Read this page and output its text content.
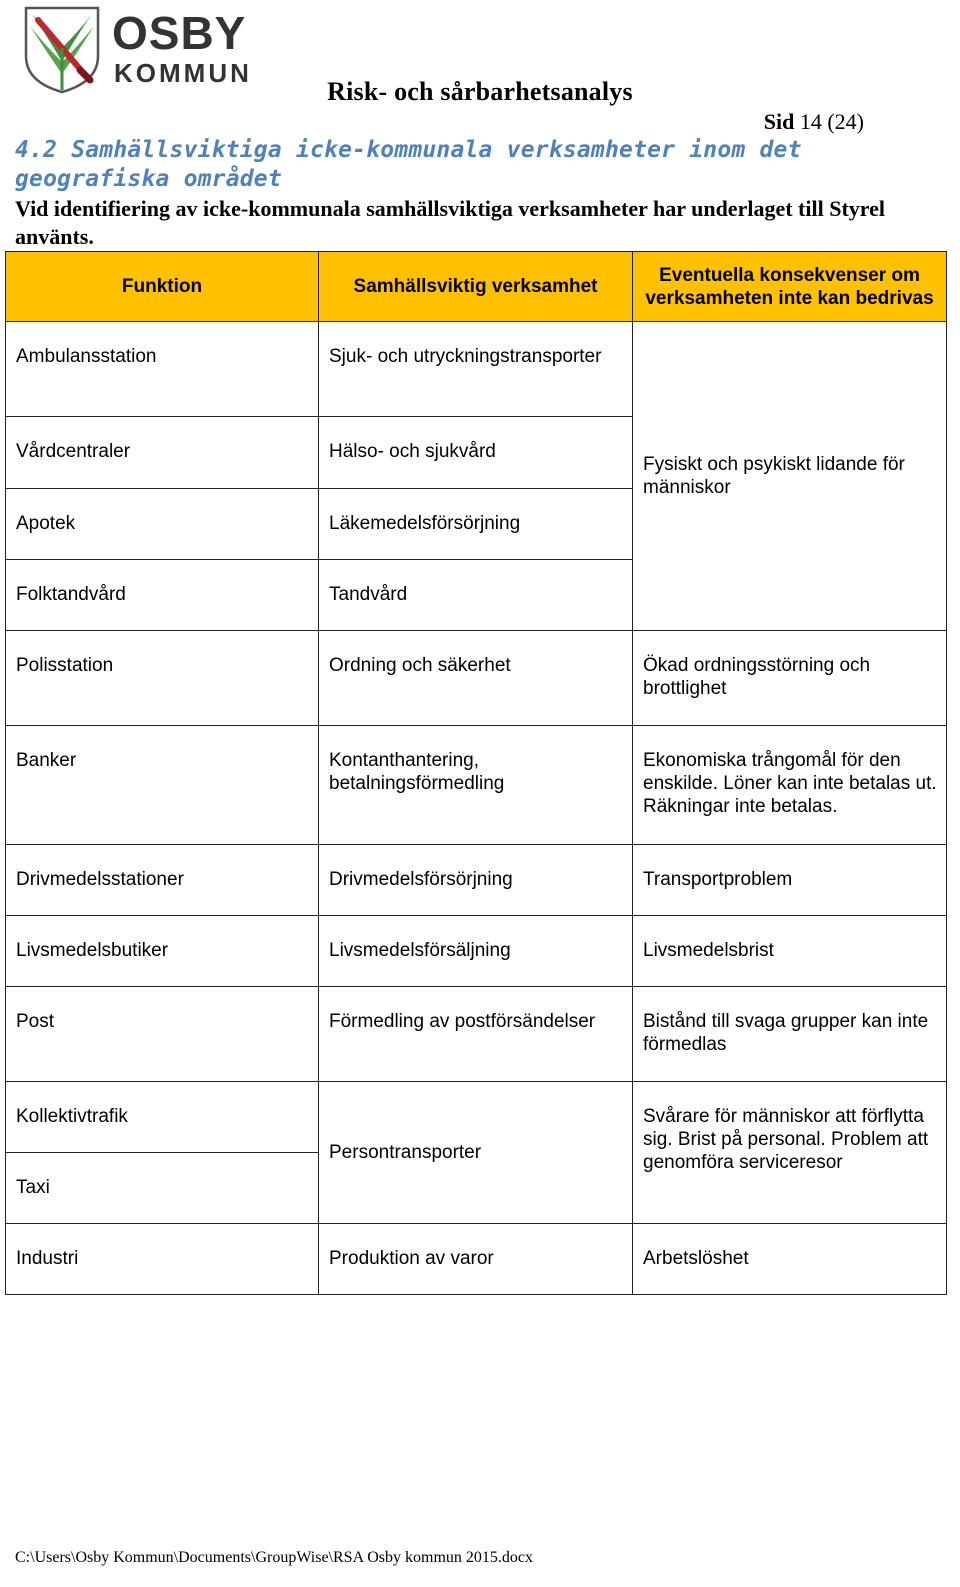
OSBY
KOMMUN
Risk- och sårbarhetsanalys
Sid 14 (24)
4.2 Samhällsviktiga icke-kommunala verksamheter inom det geografiska området
Vid identifiering av icke-kommunala samhällsviktiga verksamheter har underlaget till Styrel använts.
Funktion	Samhällsviktig verksamhet	Eventuella konsekvenser om verksamheten inte kan bedrivas
Ambulansstation	Sjuk- och utryckningstransporter	Fysiskt och psykiskt lidande för människor
Vårdcentraler	Hälso- och sjukvård	
Apotek	Läkemedelsförsörjning	
Folktandvård	Tandvård	
Polisstation	Ordning och säkerhet	Ökad ordningsstörning och brottlighet
Banker	Kontanthantering, betalningsförmedling	Ekonomiska trångomål för den enskilde. Löner kan inte betalas ut. Räkningar inte betalas.
Drivmedelsstationer	Drivmedelsförsörjning	Transportproblem
Livsmedelsbutiker	Livsmedelsförsäljning	Livsmedelsbrist
Post	Förmedling av postförsändelser	Bistånd till svaga grupper kan inte förmedlas
Kollektivtrafik	Persontransporter	Svårare för människor att förflytta sig. Brist på personal. Problem att genomföra serviceresor
Taxi		
Industri	Produktion av varor	Arbetslöshet
C:\Users\Osby Kommun\Documents\GroupWise\RSA Osby kommun 2015.docx
